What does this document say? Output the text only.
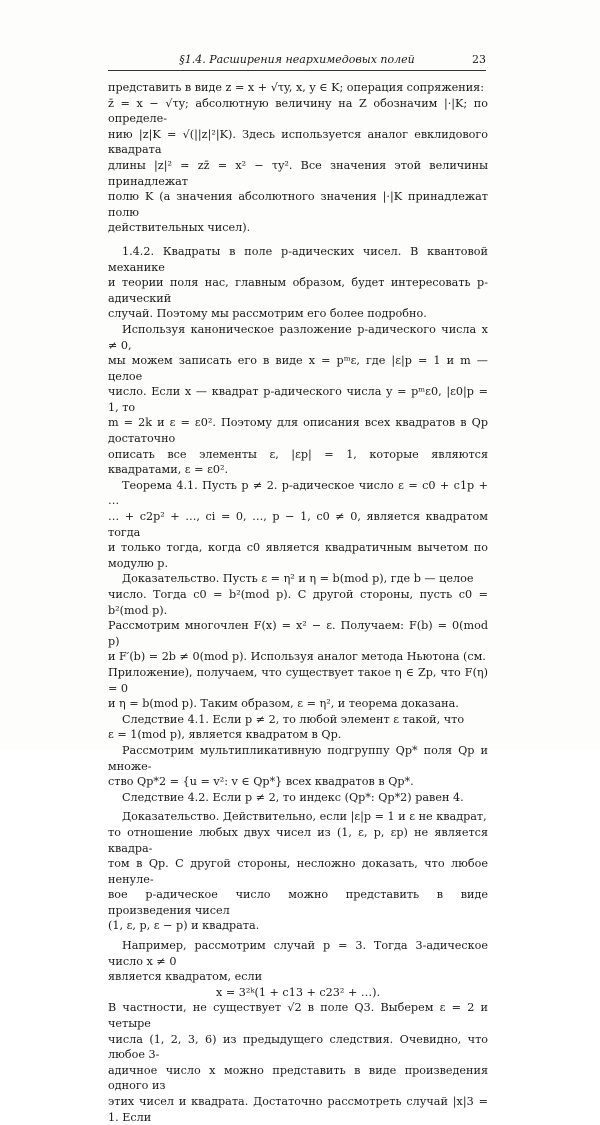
§1.4. Расширения неархимедовых полей	23

представить в виде z = x + √τy, x, y ∈ K; операция сопряжения:

z̄ = x − √τy; абсолютную величину на Z обозначим |·|K; по определе-

нию |z|K = √(||z|²|K). Здесь используется аналог евклидового квадрата

длины |z|² = zz̄ = x² − τy². Все значения этой величины принадлежат

полю K (а значения абсолютного значения |·|K принадлежат полю

действительных чисел).

1.4.2. Квадраты в поле p-адических чисел. В квантовой механике

и теории поля нас, главным образом, будет интересовать p-адический

случай. Поэтому мы рассмотрим его более подробно.

Используя каноническое разложение p-адического числа x ≠ 0,

мы можем записать его в виде x = pᵐε, где |ε|p = 1 и m — целое

число. Если x — квадрат p-адического числа y = pᵐε0, |ε0|p = 1, то

m = 2k и ε = ε0². Поэтому для описания всех квадратов в Qp достаточно

описать все элементы ε, |εp| = 1, которые являются квадратами, ε = ε0².

Теорема 4.1. Пусть p ≠ 2. p-адическое число ε = c0 + c1p + …

… + c2p² + …, ci = 0, …, p − 1, c0 ≠ 0, является квадратом тогда

и только тогда, когда c0 является квадратичным вычетом по модулю p.

Доказательство. Пусть ε = η² и η = b(mod p), где b — целое

число. Тогда c0 = b²(mod p). С другой стороны, пусть c0 = b²(mod p).

Рассмотрим многочлен F(x) = x² − ε. Получаем: F(b) = 0(mod p)

и F′(b) = 2b ≠ 0(mod p). Используя аналог метода Ньютона (см.

Приложение), получаем, что существует такое η ∈ Zp, что F(η) = 0

и η = b(mod p). Таким образом, ε = η², и теорема доказана.

Следствие 4.1. Если p ≠ 2, то любой элемент ε такой, что

ε = 1(mod p), является квадратом в Qp.

Рассмотрим мультипликативную подгруппу Qp* поля Qp и множе-

ство Qp*2 = {u = v²: v ∈ Qp*} всех квадратов в Qp*.

Следствие 4.2. Если p ≠ 2, то индекс (Qp*: Qp*2) равен 4.

Доказательство. Действительно, если |ε|p = 1 и ε не квадрат,

то отношение любых двух чисел из (1, ε, p, εp) не является квадра-

том в Qp. С другой стороны, несложно доказать, что любое ненуле-

вое p-адическое число можно представить в виде произведения чисел

(1, ε, p, ε − p) и квадрата.

Например, рассмотрим случай p = 3. Тогда 3-адическое число x ≠ 0

является квадратом, если

x = 3²ᵏ(1 + c13 + c23² + …).

В частности, не существует √2 в поле Q3. Выберем ε = 2 и четыре

числа (1, 2, 3, 6) из предыдущего следствия. Очевидно, что любое 3-

адичное число x можно представить в виде произведения одного из

этих чисел и квадрата. Достаточно рассмотреть случай |x|3 = 1. Если
